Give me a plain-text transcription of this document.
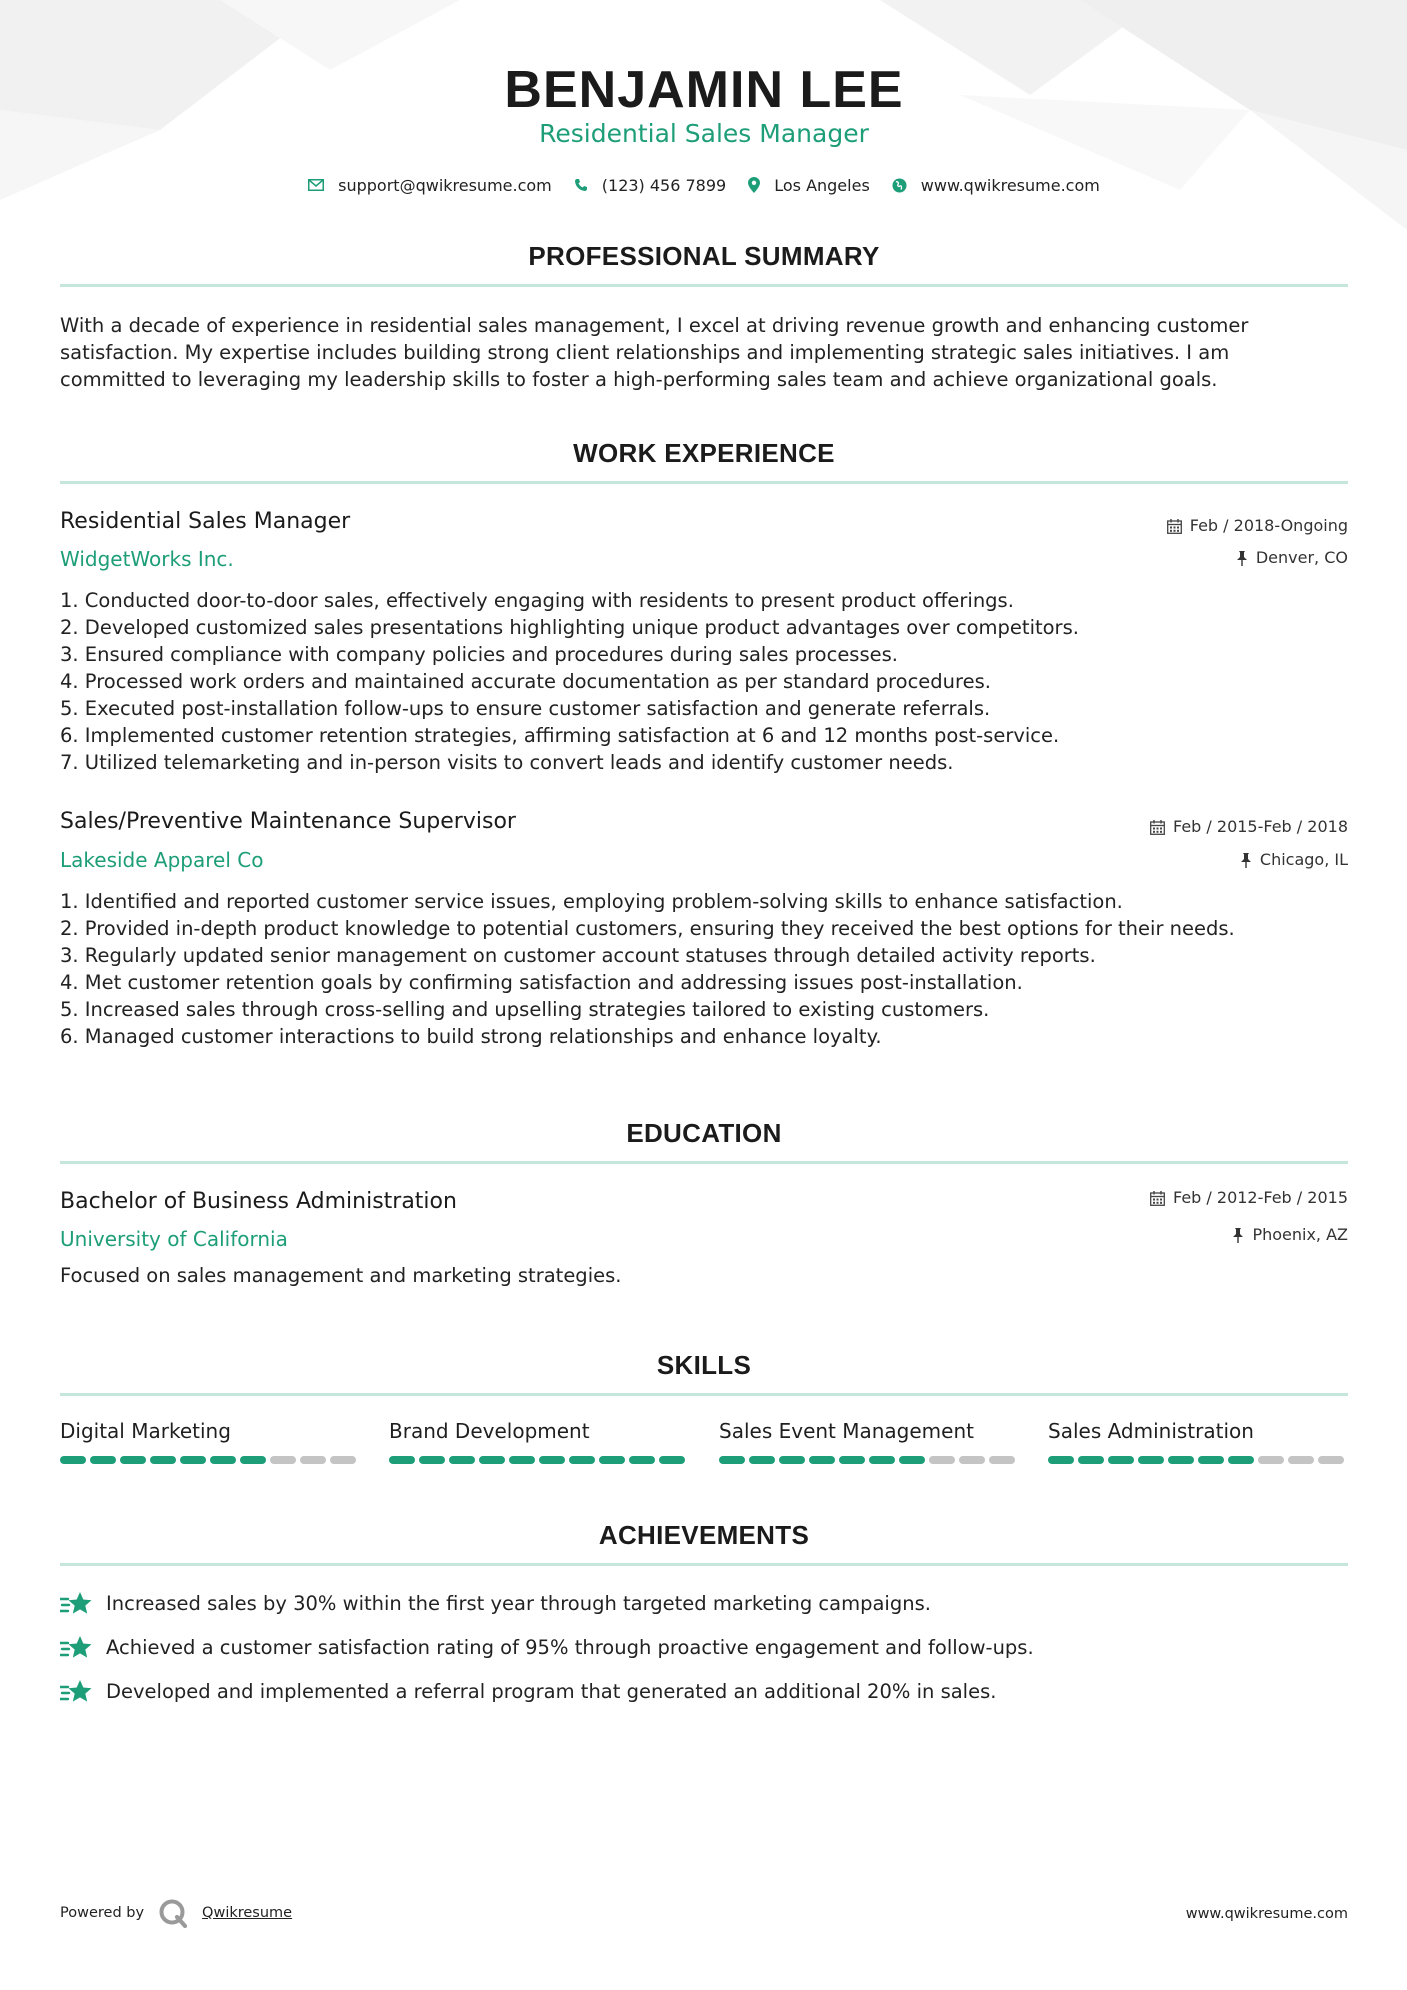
BENJAMIN LEE
Residential Sales Manager
support@qwikresume.com	(123) 456 7899	Los Angeles	www.qwikresume.com
PROFESSIONAL SUMMARY
With a decade of experience in residential sales management, I excel at driving revenue growth and enhancing customer
satisfaction. My expertise includes building strong client relationships and implementing strategic sales initiatives. I am
committed to leveraging my leadership skills to foster a high-performing sales team and achieve organizational goals.
WORK EXPERIENCE
Residential Sales Manager
WidgetWorks Inc.
Feb / 2018-Ongoing
Denver, CO
1. Conducted door-to-door sales, effectively engaging with residents to present product offerings.
2. Developed customized sales presentations highlighting unique product advantages over competitors.
3. Ensured compliance with company policies and procedures during sales processes.
4. Processed work orders and maintained accurate documentation as per standard procedures.
5. Executed post-installation follow-ups to ensure customer satisfaction and generate referrals.
6. Implemented customer retention strategies, affirming satisfaction at 6 and 12 months post-service.
7. Utilized telemarketing and in-person visits to convert leads and identify customer needs.
Sales/Preventive Maintenance Supervisor
Lakeside Apparel Co
Feb / 2015-Feb / 2018
Chicago, IL
1. Identified and reported customer service issues, employing problem-solving skills to enhance satisfaction.
2. Provided in-depth product knowledge to potential customers, ensuring they received the best options for their needs.
3. Regularly updated senior management on customer account statuses through detailed activity reports.
4. Met customer retention goals by confirming satisfaction and addressing issues post-installation.
5. Increased sales through cross-selling and upselling strategies tailored to existing customers.
6. Managed customer interactions to build strong relationships and enhance loyalty.
EDUCATION
Bachelor of Business Administration
University of California
Feb / 2012-Feb / 2015
Phoenix, AZ
Focused on sales management and marketing strategies.
SKILLS
Digital Marketing	Brand Development	Sales Event Management	Sales Administration
ACHIEVEMENTS
Increased sales by 30% within the first year through targeted marketing campaigns.
Achieved a customer satisfaction rating of 95% through proactive engagement and follow-ups.
Developed and implemented a referral program that generated an additional 20% in sales.
Powered by	Qwikresume	www.qwikresume.com
